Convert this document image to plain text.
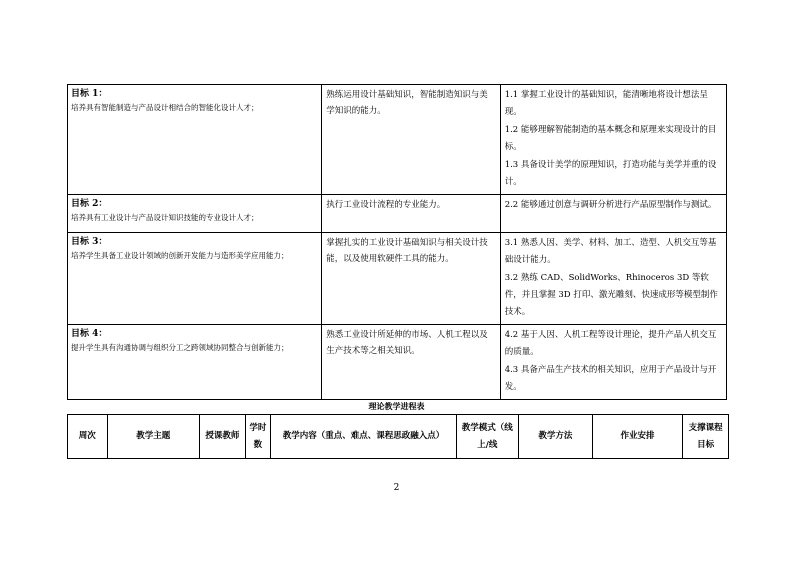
目标 1：
培养具有智能制造与产品设计相结合的智能化设计人才；	熟练运用设计基础知识，智能制造知识与美学知识的能力。	1.1 掌握工业设计的基础知识，能清晰地将设计想法呈现。
1.2 能够理解智能制造的基本概念和原理来实现设计的目标。
1.3 具备设计美学的原理知识，打造功能与美学并重的设计。

目标 2：
培养具有工业设计与产品设计知识技能的专业设计人才；	执行工业设计流程的专业能力。	2.2 能够通过创意与调研分析进行产品原型制作与测试。

目标 3：
培养学生具备工业设计领域的创新开发能力与造形美学应用能力；	掌握扎实的工业设计基础知识与相关设计技能，以及使用软硬件工具的能力。	3.1 熟悉人因、美学、材料、加工、造型、人机交互等基础设计能力。
3.2 熟练 CAD、SolidWorks、Rhinoceros 3D 等软件，并且掌握 3D 打印、激光雕刻、快速成形等模型制作技术。

目标 4：
提升学生具有沟通协调与组织分工之跨领域协同整合与创新能力；	熟悉工业设计所延伸的市场、人机工程以及生产技术等之相关知识。	4.2 基于人因、人机工程等设计理论，提升产品人机交互的质量。
4.3 具备产品生产技术的相关知识，应用于产品设计与开发。
理论教学进程表
周次	教学主题	授课教师	学时数	教学内容（重点、难点、课程思政融入点）	教学模式（线上/线	教学方法	作业安排	支撑课程目标
2
